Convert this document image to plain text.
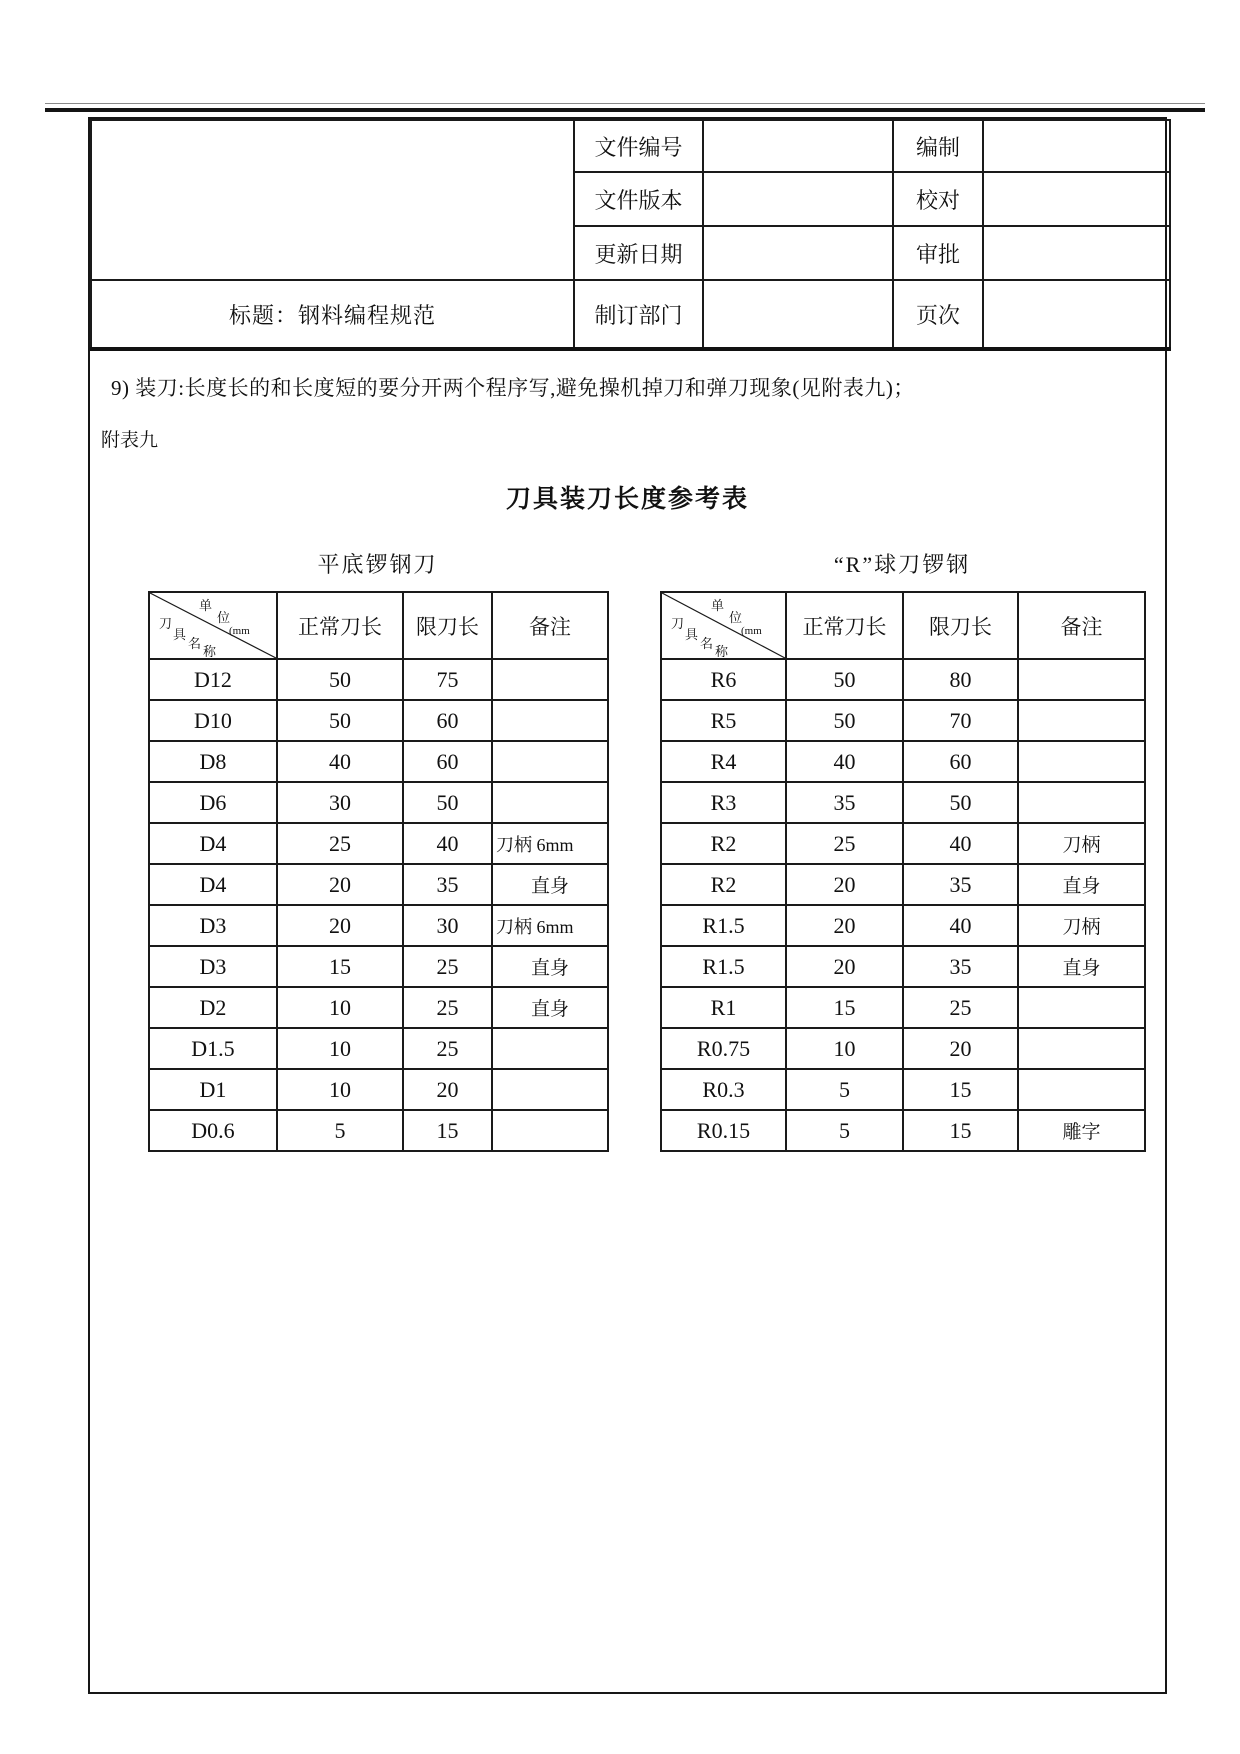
	文件编号		编制	
	文件版本		校对	
	更新日期		审批	
标题：钢料编程规范	制订部门		页次	
9) 装刀:长度长的和长度短的要分开两个程序写,避免操机掉刀和弹刀现象(见附表九)；
附表九
刀具装刀长度参考表
平底锣钢刀	“R”球刀锣钢
单
位
(mm
刀
具
名
称
	正常刀长	限刀长	备注
D12	50	75	
D10	50	60	
D8	40	60	
D6	30	50	
D4	25	40	刀柄 6mm
D4	20	35	直身
D3	20	30	刀柄 6mm
D3	15	25	直身
D2	10	25	直身
D1.5	10	25	
D1	10	20	
D0.6	5	15	
单
位
(mm
刀
具
名
称
	正常刀长	限刀长	备注
R6	50	80	
R5	50	70	
R4	40	60	
R3	35	50	
R2	25	40	刀柄
R2	20	35	直身
R1.5	20	40	刀柄
R1.5	20	35	直身
R1	15	25	
R0.75	10	20	
R0.3	5	15	
R0.15	5	15	雕字
